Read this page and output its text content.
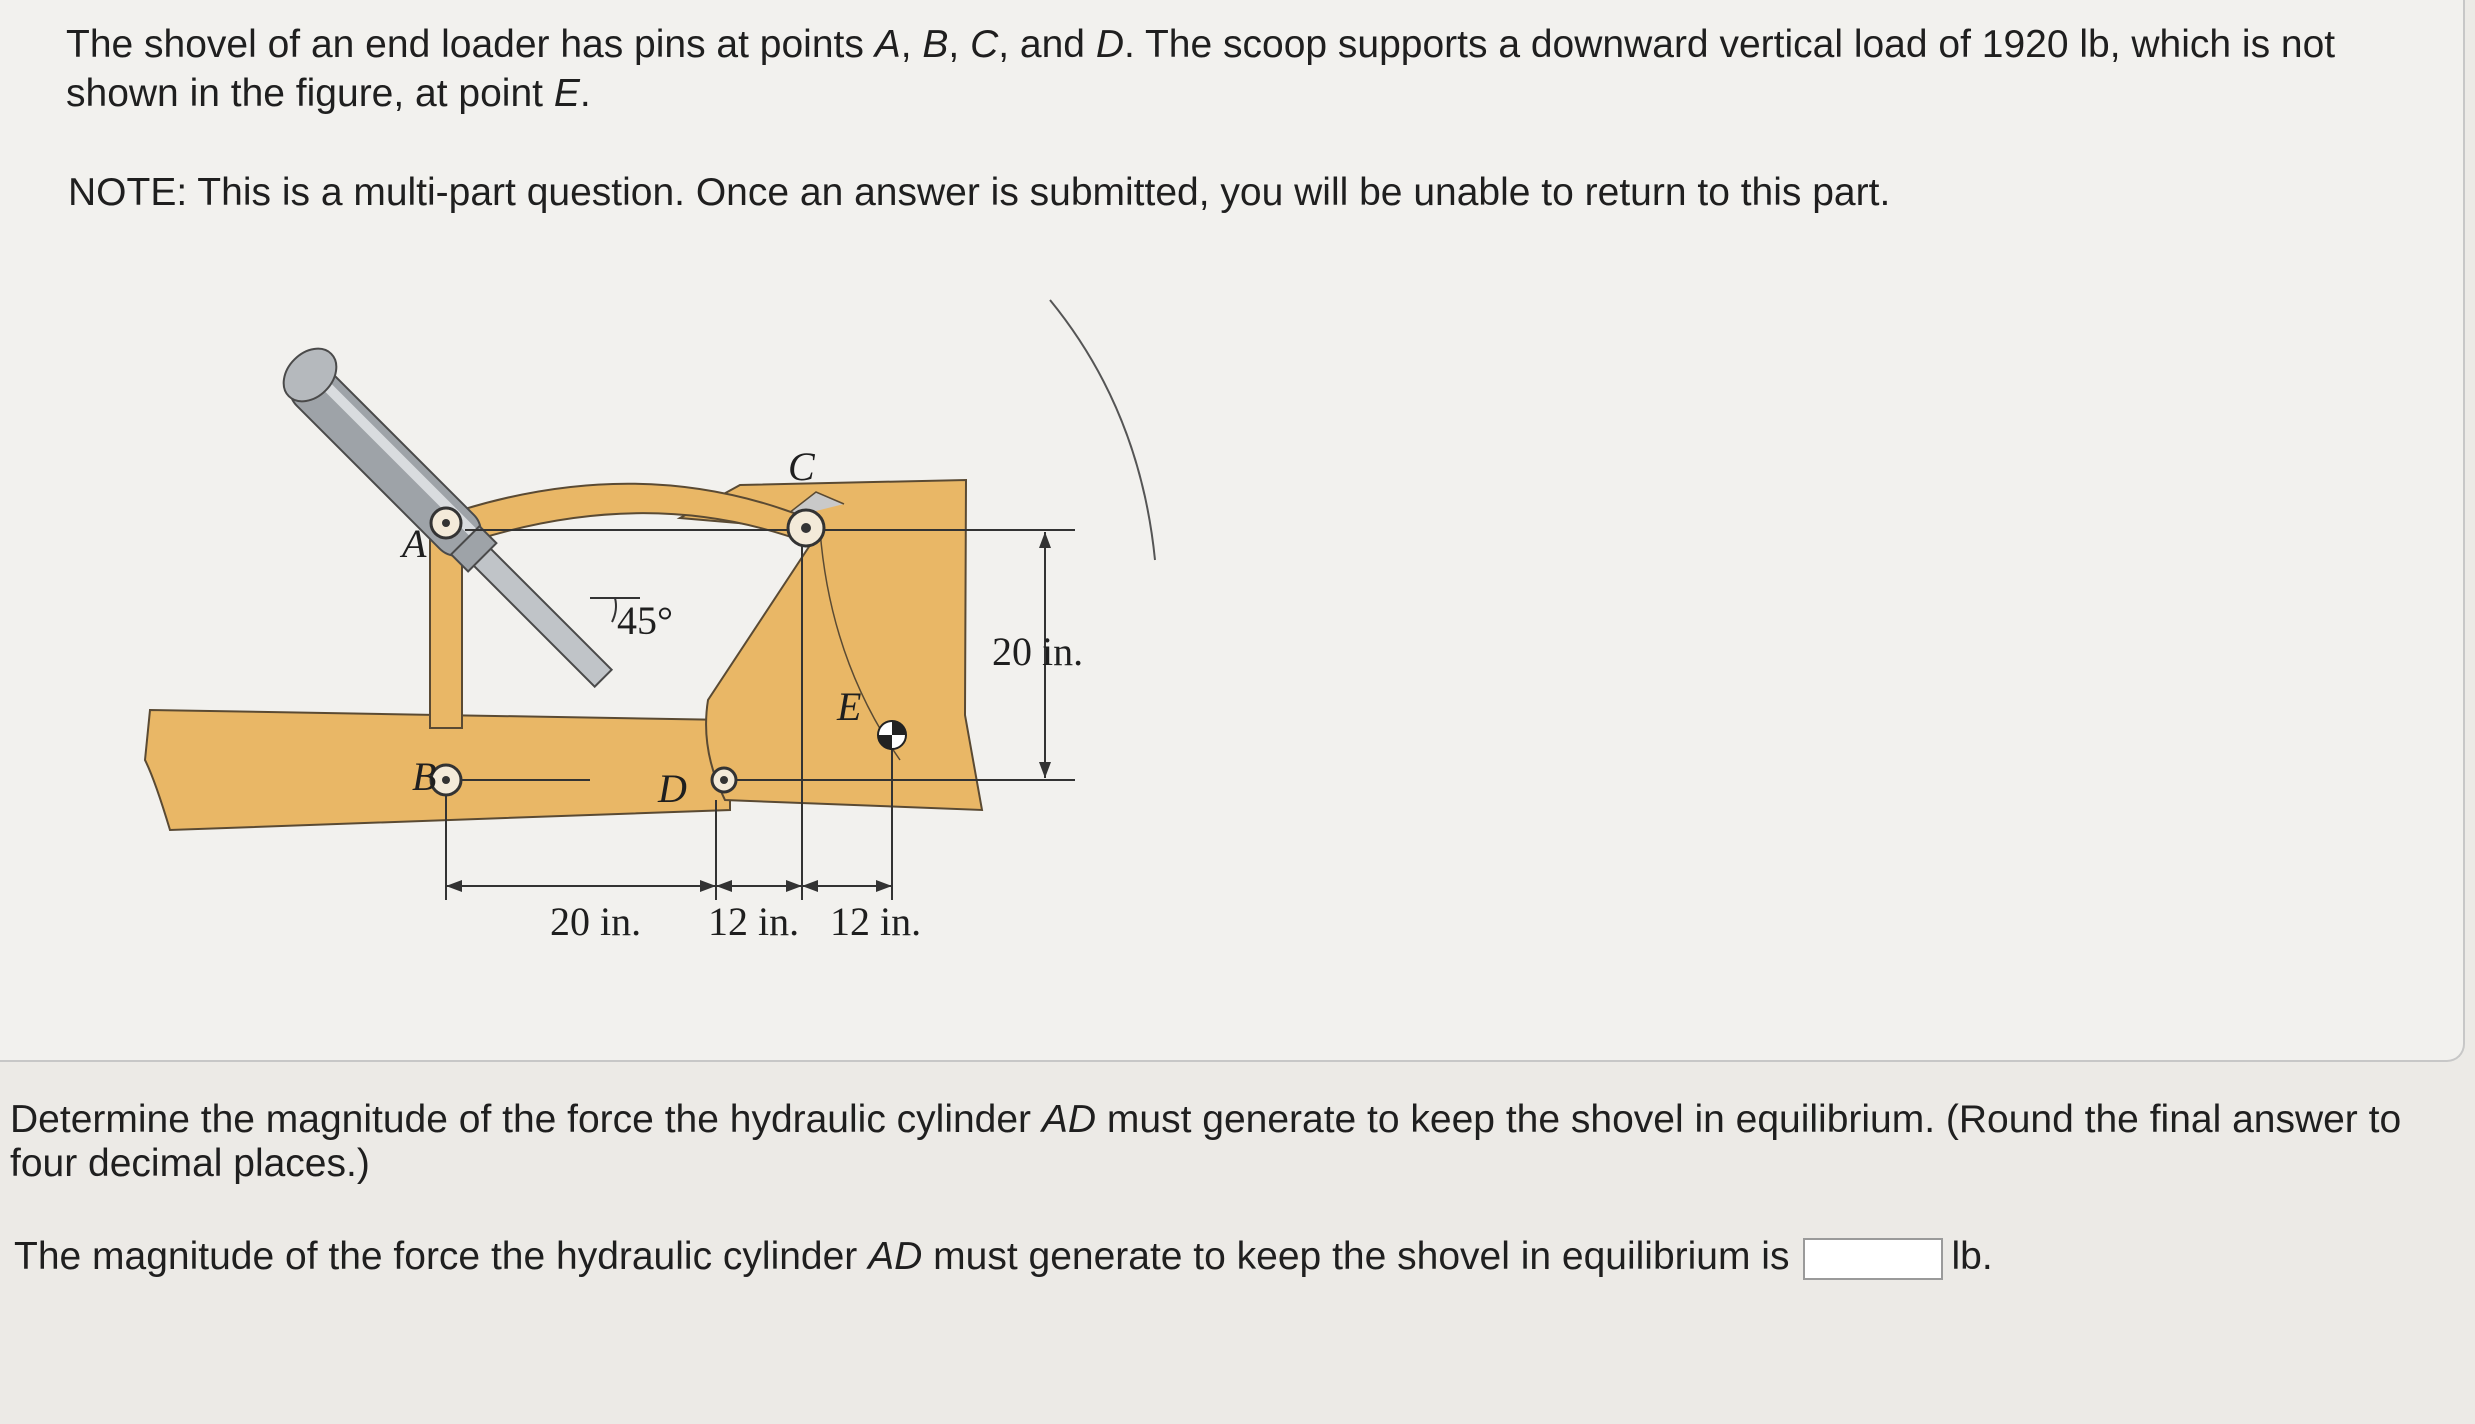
The shovel of an end loader has pins at points A, B, C, and D. The scoop supports a downward vertical load of 1920 lb, which is not shown in the figure, at point E.

NOTE: This is a multi-part question. Once an answer is submitted, you will be unable to return to this part.

A
B
C
D
E
45°
20 in.
20 in. 12 in. 12 in.

Determine the magnitude of the force the hydraulic cylinder AD must generate to keep the shovel in equilibrium. (Round the final answer to four decimal places.)

The magnitude of the force the hydraulic cylinder AD must generate to keep the shovel in equilibrium is	lb.
